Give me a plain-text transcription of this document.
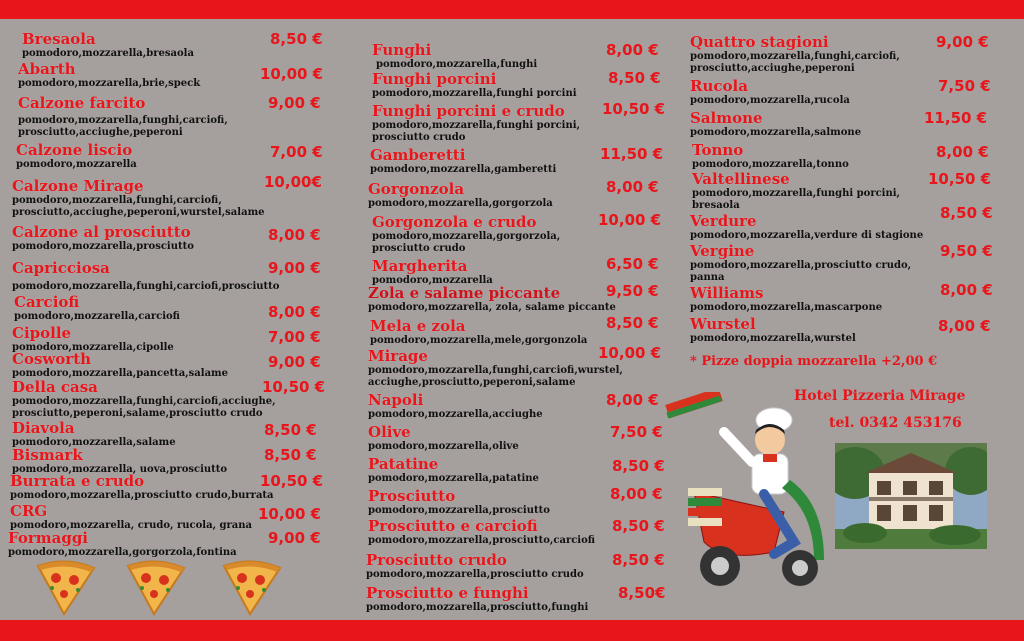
Bresaola
pomodoro,mozzarella,bresaola
8,50 €
Abarth
pomodoro,mozzarella,brie,speck
10,00 €
Calzone farcito
pomodoro,mozzarella,funghi,carciofi,
prosciutto,acciughe,peperoni
9,00 €
Calzone liscio
pomodoro,mozzarella
7,00 €
Calzone Mirage
pomodoro,mozzarella,funghi,carciofi,
prosciutto,acciughe,peperoni,wurstel,salame
10,00€
Calzone al prosciutto
pomodoro,mozzarella,prosciutto
8,00 €
Capricciosa
pomodoro,mozzarella,funghi,carciofi,prosciutto
9,00 €
Carciofi
pomodoro,mozzarella,carciofi	8,00 €
Cipolle
pomodoro,mozzarella,cipolle
7,00 €
Cosworth
pomodoro,mozzarella,pancetta,salame
9,00 €
Della casa
pomodoro,mozzarella,funghi,carciofi,acciughe,
prosciutto,peperoni,salame,prosciutto crudo
10,50 €
Diavola
pomodoro,mozzarella,salame
8,50 €
Bismark
pomodoro,mozzarella, uova,prosciutto
8,50 €
Burrata e crudo
pomodoro,mozzarella,prosciutto crudo,burrata
10,50 €
CRG
pomodoro,mozzarella, crudo, rucola, grana
10,00 €
Formaggi
pomodoro,mozzarella,gorgorzola,fontina
9,00 €
Funghi
pomodoro,mozzarella,funghi
8,00 €
Funghi porcini
pomodoro,mozzarella,funghi porcini
8,50 €
Funghi porcini e crudo
pomodoro,mozzarella,funghi porcini,
prosciutto crudo
10,50 €
Gamberetti
pomodoro,mozzarella,gamberetti
11,50 €
Gorgonzola
pomodoro,mozzarella,gorgorzola
8,00 €
Gorgonzola e crudo
pomodoro,mozzarella,gorgorzola,
prosciutto crudo
10,00 €
Margherita
pomodoro,mozzarella
6,50 €
Zola e salame piccante
pomodoro,mozzarella, zola, salame piccante
9,50 €
Mela e zola
pomodoro,mozzarella,mele,gorgonzola
8,50 €
Mirage
pomodoro,mozzarella,funghi,carciofi,wurstel,
acciughe,prosciutto,peperoni,salame
10,00 €
Napoli
pomodoro,mozzarella,acciughe
8,00 €
Olive
pomodoro,mozzarella,olive
7,50 €
Patatine
pomodoro,mozzarella,patatine
8,50 €
Prosciutto
pomodoro,mozzarella,prosciutto
8,00 €
Prosciutto e carciofi
pomodoro,mozzarella,prosciutto,carciofi
8,50 €
Prosciutto crudo
pomodoro,mozzarella,prosciutto crudo
8,50 €
Prosciutto e funghi
pomodoro,mozzarella,prosciutto,funghi
8,50€
Quattro stagioni
pomodoro,mozzarella,funghi,carciofi,
prosciutto,acciughe,peperoni
9,00 €
Rucola
pomodoro,mozzarella,rucola
7,50 €
Salmone
pomodoro,mozzarella,salmone
11,50 €
Tonno
pomodoro,mozzarella,tonno
8,00 €
Valtellinese
pomodoro,mozzarella,funghi porcini,
bresaola
10,50 €
Verdure
pomodoro,mozzarella,verdure di stagione
8,50 €
Vergine
pomodoro,mozzarella,prosciutto crudo,
panna
9,50 €
Williams
pomodoro,mozzarella,mascarpone
8,00 €
Wurstel
pomodoro,mozzarella,wurstel
8,00 €
* Pizze doppia mozzarella +2,00 €
Hotel Pizzeria Mirage
tel. 0342 453176
